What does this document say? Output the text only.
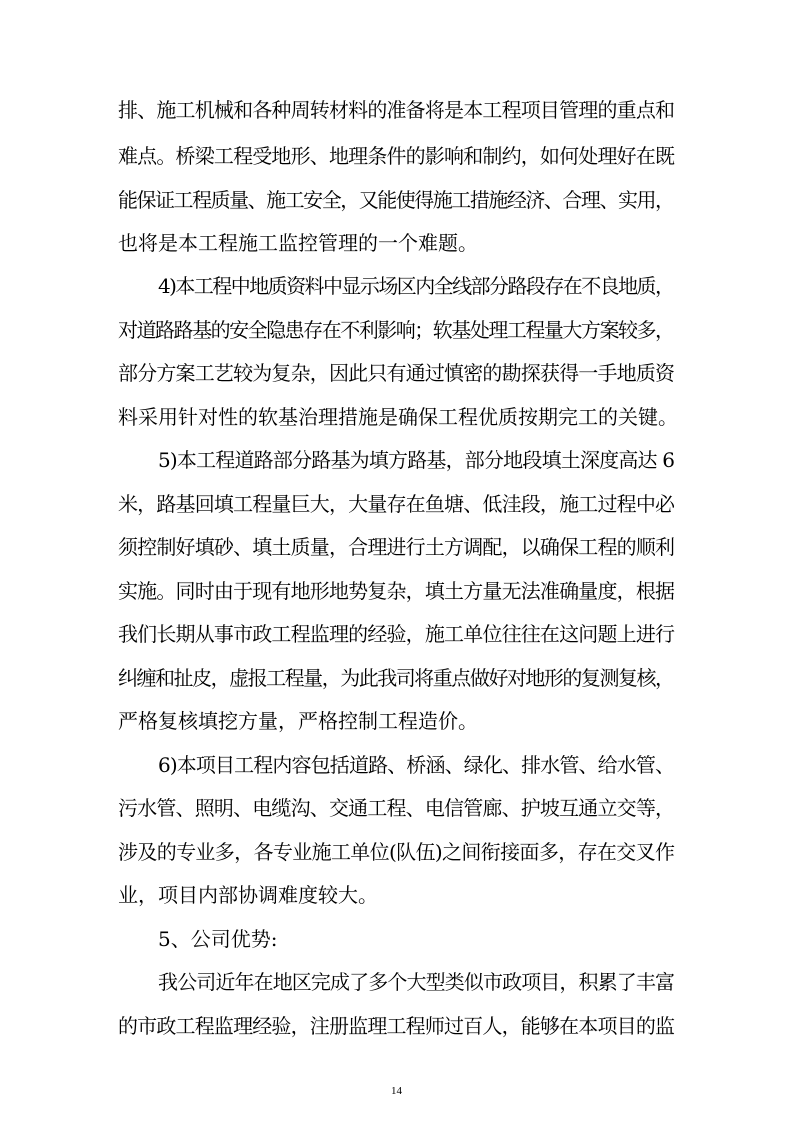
排、施工机械和各种周转材料的准备将是本工程项目管理的重点和
难点。桥梁工程受地形、地理条件的影响和制约，如何处理好在既
能保证工程质量、施工安全，又能使得施工措施经济、合理、实用，
也将是本工程施工监控管理的一个难题。
4)本工程中地质资料中显示场区内全线部分路段存在不良地质，
对道路路基的安全隐患存在不利影响；软基处理工程量大方案较多，
部分方案工艺较为复杂，因此只有通过慎密的勘探获得一手地质资
料采用针对性的软基治理措施是确保工程优质按期完工的关键。
5)本工程道路部分路基为填方路基，部分地段填土深度高达 6
米，路基回填工程量巨大，大量存在鱼塘、低洼段，施工过程中必
须控制好填砂、填土质量，合理进行土方调配，以确保工程的顺利
实施。同时由于现有地形地势复杂，填土方量无法准确量度，根据
我们长期从事市政工程监理的经验，施工单位往往在这问题上进行
纠缠和扯皮，虚报工程量，为此我司将重点做好对地形的复测复核，
严格复核填挖方量，严格控制工程造价。
6)本项目工程内容包括道路、桥涵、绿化、排水管、给水管、
污水管、照明、电缆沟、交通工程、电信管廊、护坡互通立交等，
涉及的专业多，各专业施工单位(队伍)之间衔接面多，存在交叉作
业，项目内部协调难度较大。
5、公司优势:
我公司近年在地区完成了多个大型类似市政项目，积累了丰富
的市政工程监理经验，注册监理工程师过百人，能够在本项目的监
14
